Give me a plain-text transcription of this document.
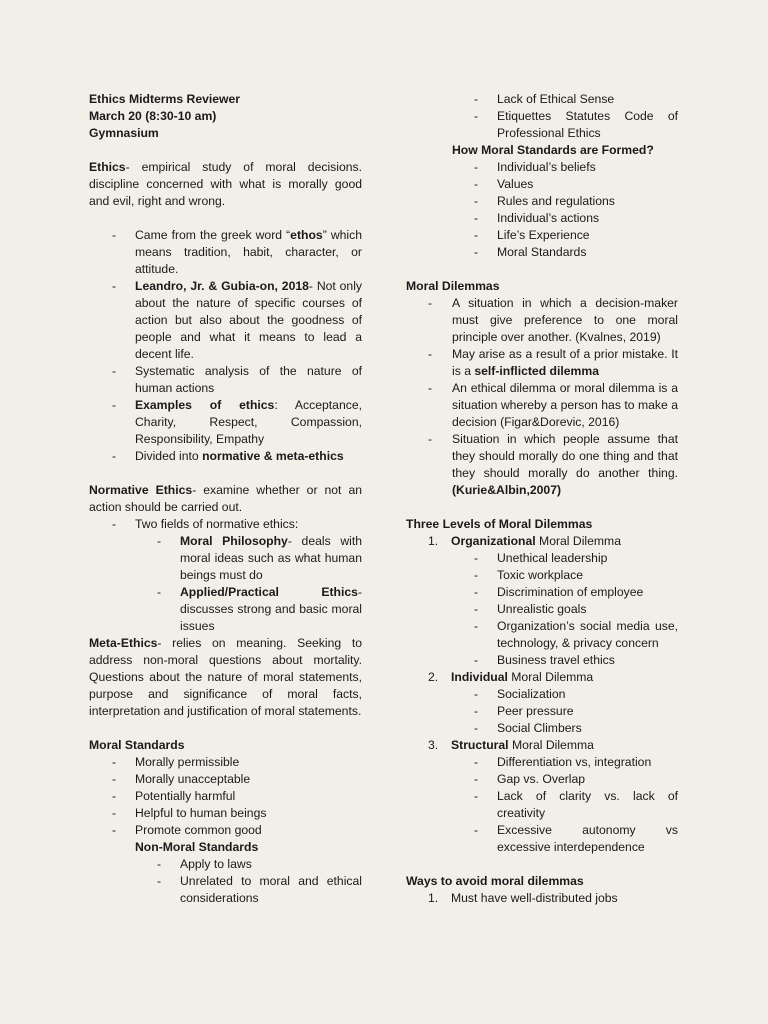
Ethics Midterms Reviewer

March 20 (8:30-10 am)

Gymnasium

Ethics- empirical study of moral decisions. discipline concerned with what is morally good and evil, right and wrong.

- Came from the greek word “ethos” which means tradition, habit, character, or attitude.
- Leandro, Jr. & Gubia-on, 2018- Not only about the nature of specific courses of action but also about the goodness of people and what it means to lead a decent life.
- Systematic analysis of the nature of human actions
- Examples of ethics: Acceptance, Charity, Respect, Compassion, Responsibility, Empathy
- Divided into normative & meta-ethics

Normative Ethics- examine whether or not an action should be carried out.

- Two fields of normative ethics:
- Moral Philosophy- deals with moral ideas such as what human beings must do
- Applied/Practical Ethics- discusses strong and basic moral issues

Meta-Ethics- relies on meaning. Seeking to address non-moral questions about mortality. Questions about the nature of moral statements, purpose and significance of moral facts, interpretation and justification of moral statements.

Moral Standards

- Morally permissible
- Morally unacceptable
- Potentially harmful
- Helpful to human beings
- Promote common good

Non-Moral Standards

- Apply to laws
- Unrelated to moral and ethical considerations
- Lack of Ethical Sense
- Etiquettes Statutes Code of Professional Ethics

How Moral Standards are Formed?

- Individual’s beliefs
- Values
- Rules and regulations
- Individual’s actions
- Life’s Experience
- Moral Standards

Moral Dilemmas

- A situation in which a decision-maker must give preference to one moral principle over another. (Kvalnes, 2019)
- May arise as a result of a prior mistake. It is a self-inflicted dilemma
- An ethical dilemma or moral dilemma is a situation whereby a person has to make a decision (Figar&Dorevic, 2016)
- Situation in which people assume that they should morally do one thing and that they should morally do another thing. (Kurie&Albin,2007)

Three Levels of Moral Dilemmas

1. Organizational Moral Dilemma
- Unethical leadership
- Toxic workplace
- Discrimination of employee
- Unrealistic goals
- Organization’s social media use, technology, & privacy concern
- Business travel ethics
2. Individual Moral Dilemma
- Socialization
- Peer pressure
- Social Climbers
3. Structural Moral Dilemma
- Differentiation vs, integration
- Gap vs. Overlap
- Lack of clarity vs. lack of creativity
- Excessive autonomy vs excessive interdependence

Ways to avoid moral dilemmas

1. Must have well-distributed jobs
